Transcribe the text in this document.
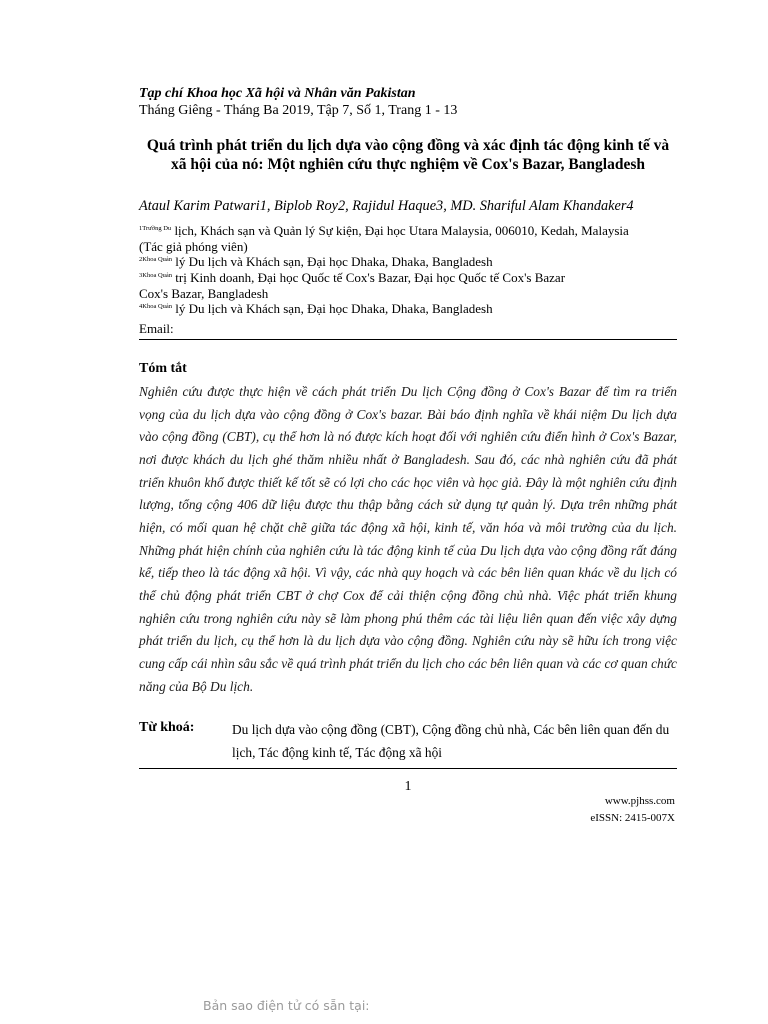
Tạp chí Khoa học Xã hội và Nhân văn Pakistan
Tháng Giêng - Tháng Ba 2019, Tập 7, Số 1, Trang 1 - 13
Quá trình phát triển du lịch dựa vào cộng đồng và xác định tác động kinh tế và xã hội của nó: Một nghiên cứu thực nghiệm về Cox's Bazar, Bangladesh
Ataul Karim Patwari1, Biplob Roy2, Rajidul Haque3, MD. Shariful Alam Khandaker4
$^{1Trường Du}$ lịch, Khách sạn và Quản lý Sự kiện, Đại học Utara Malaysia, 006010, Kedah, Malaysia
(Tác giả phóng viên)
$^{2Khoa Quản}$ lý Du lịch và Khách sạn, Đại học Dhaka, Dhaka, Bangladesh
$^{3Khoa Quản}$ trị Kinh doanh, Đại học Quốc tế Cox's Bazar, Đại học Quốc tế Cox's Bazar
Cox's Bazar, Bangladesh
$^{4Khoa Quản}$ lý Du lịch và Khách sạn, Đại học Dhaka, Dhaka, Bangladesh
Email:
Tóm tắt

Nghiên cứu được thực hiện về cách phát triển Du lịch Cộng đồng ở Cox's Bazar để tìm ra triển vọng của du lịch dựa vào cộng đồng ở Cox's bazar. Bài báo định nghĩa về khái niệm Du lịch dựa vào cộng đồng (CBT), cụ thể hơn là nó được kích hoạt đối với nghiên cứu điển hình ở Cox's Bazar, nơi được khách du lịch ghé thăm nhiều nhất ở Bangladesh. Sau đó, các nhà nghiên cứu đã phát triển khuôn khổ được thiết kế tốt sẽ có lợi cho các học viên và học giả. Đây là một nghiên cứu định lượng, tổng cộng 406 dữ liệu được thu thập bằng cách sử dụng tự quản lý. Dựa trên những phát hiện, có mối quan hệ chặt chẽ giữa tác động xã hội, kinh tế, văn hóa và môi trường của du lịch. Những phát hiện chính của nghiên cứu là tác động kinh tế của Du lịch dựa vào cộng đồng rất đáng kể, tiếp theo là tác động xã hội. Vì vậy, các nhà quy hoạch và các bên liên quan khác về du lịch có thể chủ động phát triển CBT ở chợ Cox để cải thiện cộng đồng chủ nhà. Việc phát triển khung nghiên cứu trong nghiên cứu này sẽ làm phong phú thêm các tài liệu liên quan đến việc xây dựng phát triển du lịch, cụ thể hơn là du lịch dựa vào cộng đồng. Nghiên cứu này sẽ hữu ích trong việc cung cấp cái nhìn sâu sắc về quá trình phát triển du lịch cho các bên liên quan và các cơ quan chức năng của Bộ Du lịch.

Từ khoá:	Du lịch dựa vào cộng đồng (CBT), Cộng đồng chủ nhà, Các bên liên quan đến du lịch, Tác động kinh tế, Tác động xã hội
1
www.pjhss.com
eISSN: 2415-007X
Bản sao điện tử có sẵn tại:
